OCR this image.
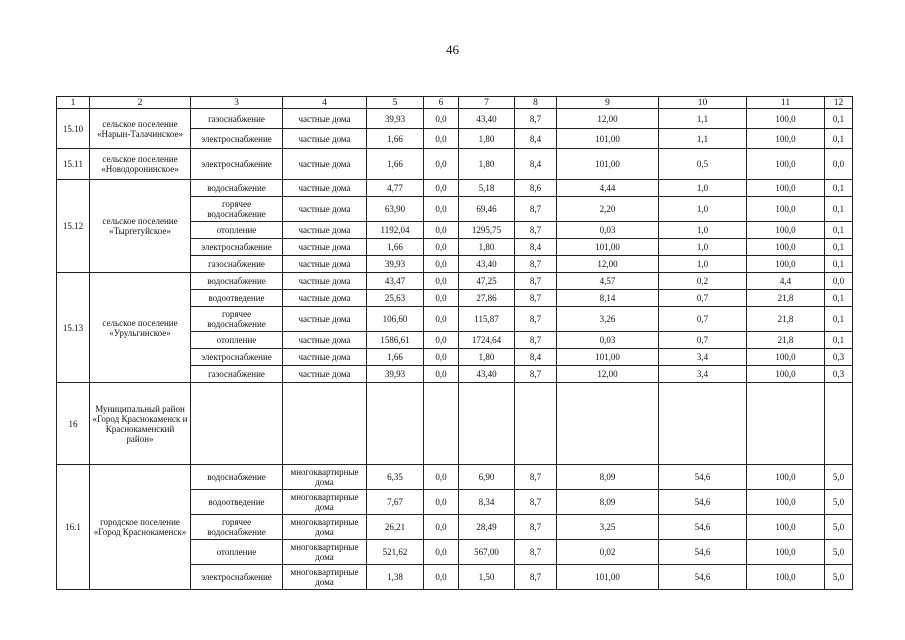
46
1	2	3	4	5	6	7	8	9	10	11	12
15.10	сельское поселение «Нарын-Талачинское»	газоснабжение	частные дома	39,93	0,0	43,40	8,7	12,00	1,1	100,0	0,1
		электроснабжение	частные дома	1,66	0,0	1,80	8,4	101,00	1,1	100,0	0,1
15.11	сельское поселение «Новодоронинское»	электроснабжение	частные дома	1,66	0,0	1,80	8,4	101,00	0,5	100,0	0,0
15.12	сельское поселение «Тыргетуйское»	водоснабжение	частные дома	4,77	0,0	5,18	8,6	4,44	1,0	100,0	0,1
		горячее водоснабжение	частные дома	63,90	0,0	69,46	8,7	2,20	1,0	100,0	0,1
		отопление	частные дома	1192,04	0,0	1295,75	8,7	0,03	1,0	100,0	0,1
		электроснабжение	частные дома	1,66	0,0	1,80	8,4	101,00	1,0	100,0	0,1
		газоснабжение	частные дома	39,93	0,0	43,40	8,7	12,00	1,0	100,0	0,1
15.13	сельское поселение «Урульгинское»	водоснабжение	частные дома	43,47	0,0	47,25	8,7	4,57	0,2	4,4	0,0
		водоотведение	частные дома	25,63	0,0	27,86	8,7	8,14	0,7	21,8	0,1
		горячее водоснабжение	частные дома	106,60	0,0	115,87	8,7	3,26	0,7	21,8	0,1
		отопление	частные дома	1586,61	0,0	1724,64	8,7	0,03	0,7	21,8	0,1
		электроснабжение	частные дома	1,66	0,0	1,80	8,4	101,00	3,4	100,0	0,3
		газоснабжение	частные дома	39,93	0,0	43,40	8,7	12,00	3,4	100,0	0,3
16	Муниципальный район «Город Краснокаменск и Краснокаменский район»										
16.1	городское поселение «Город Краснокаменск»	водоснабжение	многоквартирные дома	6,35	0,0	6,90	8,7	8,09	54,6	100,0	5,0
		водоотведение	многоквартирные дома	7,67	0,0	8,34	8,7	8,09	54,6	100,0	5,0
		горячее водоснабжение	многоквартирные дома	26,21	0,0	28,49	8,7	3,25	54,6	100,0	5,0
		отопление	многоквартирные дома	521,62	0,0	567,00	8,7	0,02	54,6	100,0	5,0
		электроснабжение	многоквартирные дома	1,38	0,0	1,50	8,7	101,00	54,6	100,0	5,0
